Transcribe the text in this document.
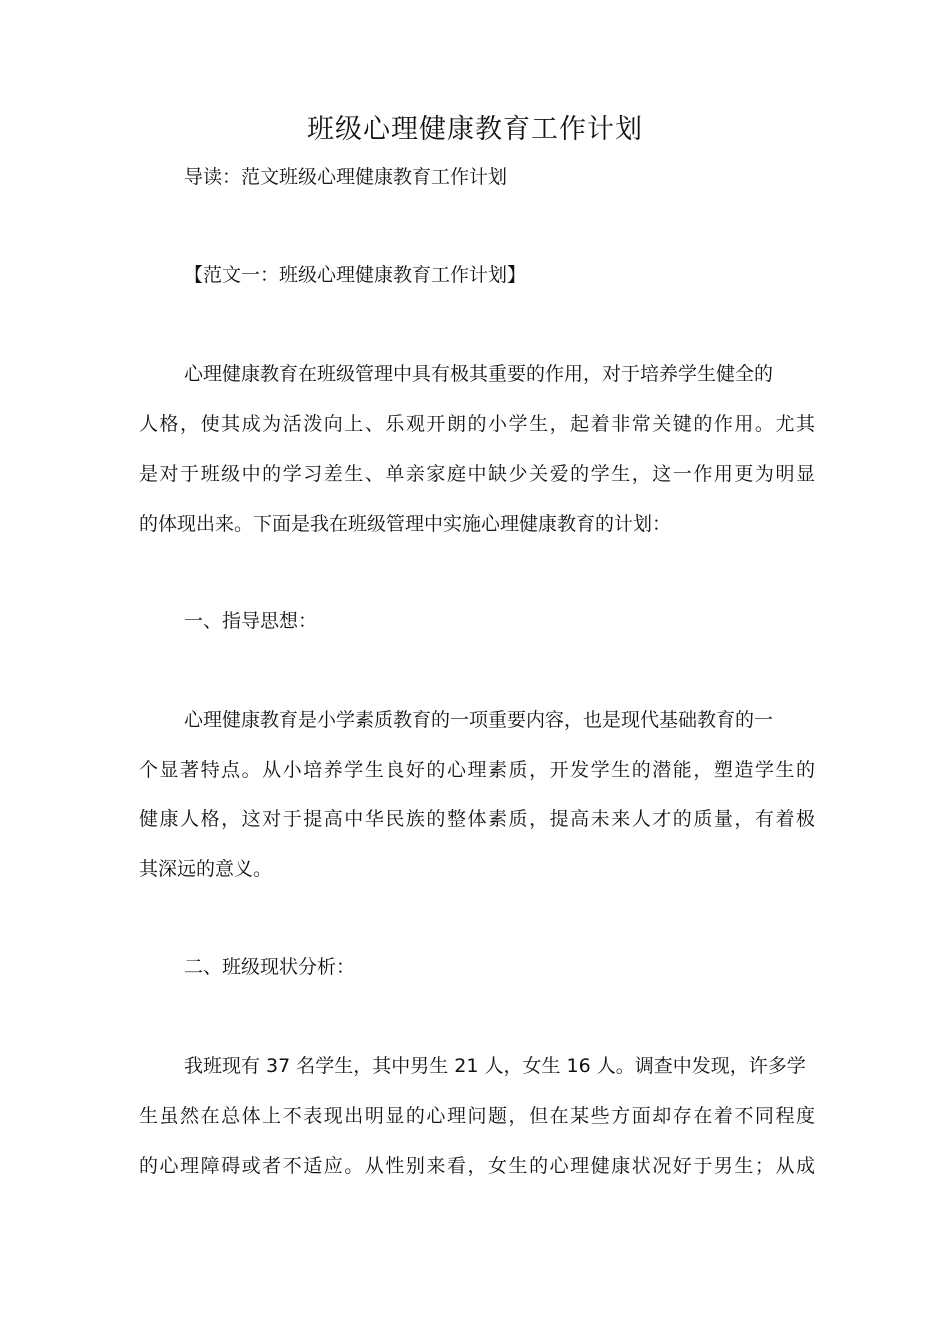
班级心理健康教育工作计划
导读：范文班级心理健康教育工作计划
【范文一：班级心理健康教育工作计划】
心理健康教育在班级管理中具有极其重要的作用，对于培养学生健全的
人格，使其成为活泼向上、乐观开朗的小学生，起着非常关键的作用。尤其
是对于班级中的学习差生、单亲家庭中缺少关爱的学生，这一作用更为明显
的体现出来。下面是我在班级管理中实施心理健康教育的计划：
一、指导思想：
心理健康教育是小学素质教育的一项重要内容，也是现代基础教育的一
个显著特点。从小培养学生良好的心理素质，开发学生的潜能，塑造学生的
健康人格，这对于提高中华民族的整体素质，提高未来人才的质量，有着极
其深远的意义。
二、班级现状分析：
我班现有 37 名学生，其中男生 21 人，女生 16 人。调查中发现，许多学
生虽然在总体上不表现出明显的心理问题，但在某些方面却存在着不同程度
的心理障碍或者不适应。从性别来看，女生的心理健康状况好于男生；从成
